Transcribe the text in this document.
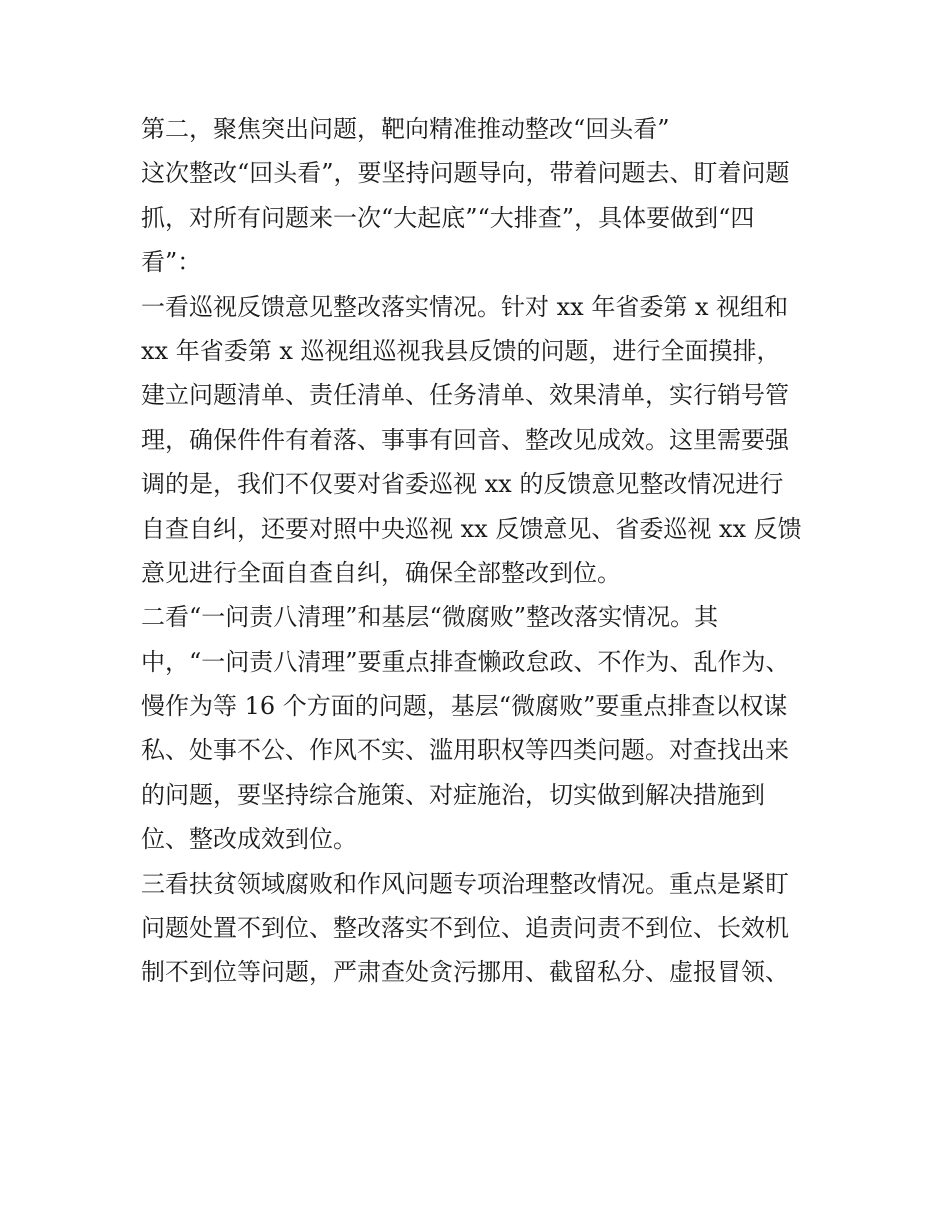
第二，聚焦突出问题，靶向精准推动整改“回头看”
这次整改“回头看”，要坚持问题导向，带着问题去、盯着问题
抓，对所有问题来一次“大起底”“大排查”，具体要做到“四
看”：
一看巡视反馈意见整改落实情况。针对 xx 年省委第 x 视组和
xx 年省委第 x 巡视组巡视我县反馈的问题，进行全面摸排，
建立问题清单、责任清单、任务清单、效果清单，实行销号管
理，确保件件有着落、事事有回音、整改见成效。这里需要强
调的是，我们不仅要对省委巡视 xx 的反馈意见整改情况进行
自查自纠，还要对照中央巡视 xx 反馈意见、省委巡视 xx 反馈
意见进行全面自查自纠，确保全部整改到位。
二看“一问责八清理”和基层“微腐败”整改落实情况。其
中，“一问责八清理”要重点排查懒政怠政、不作为、乱作为、
慢作为等 16 个方面的问题，基层“微腐败”要重点排查以权谋
私、处事不公、作风不实、滥用职权等四类问题。对查找出来
的问题，要坚持综合施策、对症施治，切实做到解决措施到
位、整改成效到位。
三看扶贫领域腐败和作风问题专项治理整改情况。重点是紧盯
问题处置不到位、整改落实不到位、追责问责不到位、长效机
制不到位等问题，严肃查处贪污挪用、截留私分、虚报冒领、
